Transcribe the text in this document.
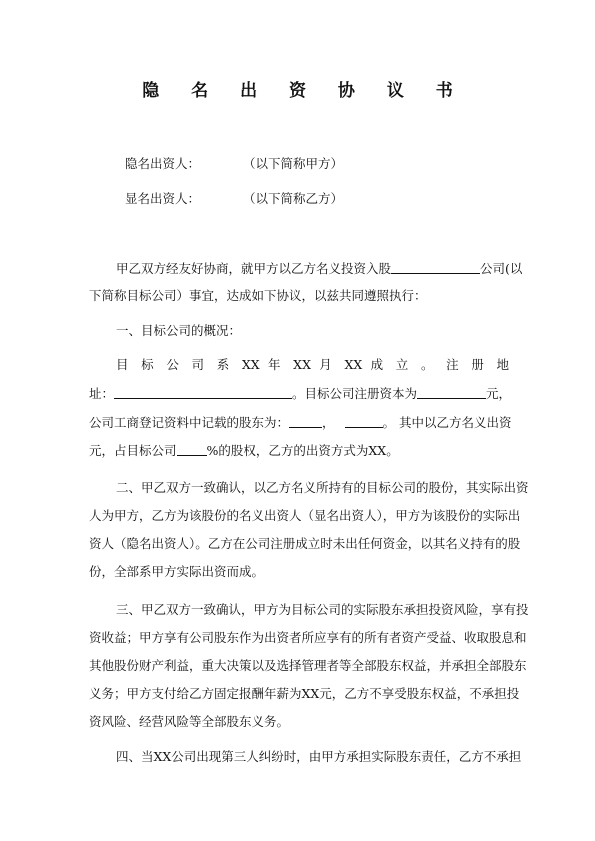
隐 名 出 资 协 议 书
隐名出资人：	（以下简称甲方）
显名出资人：	（以下简称乙方）
甲乙双方经友好协商，就甲方以乙方名义投资入股	公司(以
下简称目标公司）事宜，达成如下协议，以兹共同遵照执行：
一、目标公司的概况：
目 标 公 司 系 XX 年 XX 月 XX 成 立 。 注 册 地
址：	。目标公司注册资本为	元，
公司工商登记资料中记载的股东为：	，	。 其中以乙方名义出资
元，占目标公司 %的股权，乙方的出资方式为XX。
二、甲乙双方一致确认，以乙方名义所持有的目标公司的股份，其实际出资
人为甲方，乙方为该股份的名义出资人（显名出资人），甲方为该股份的实际出
资人（隐名出资人）。乙方在公司注册成立时未出任何资金，以其名义持有的股
份，全部系甲方实际出资而成。
三、甲乙双方一致确认，甲方为目标公司的实际股东承担投资风险，享有投
资收益；甲方享有公司股东作为出资者所应享有的所有者资产受益、收取股息和
其他股份财产利益，重大决策以及选择管理者等全部股东权益，并承担全部股东
义务；甲方支付给乙方固定报酬年薪为XX元，乙方不享受股东权益，不承担投
资风险、经营风险等全部股东义务。
四、当XX公司出现第三人纠纷时，由甲方承担实际股东责任，乙方不承担
